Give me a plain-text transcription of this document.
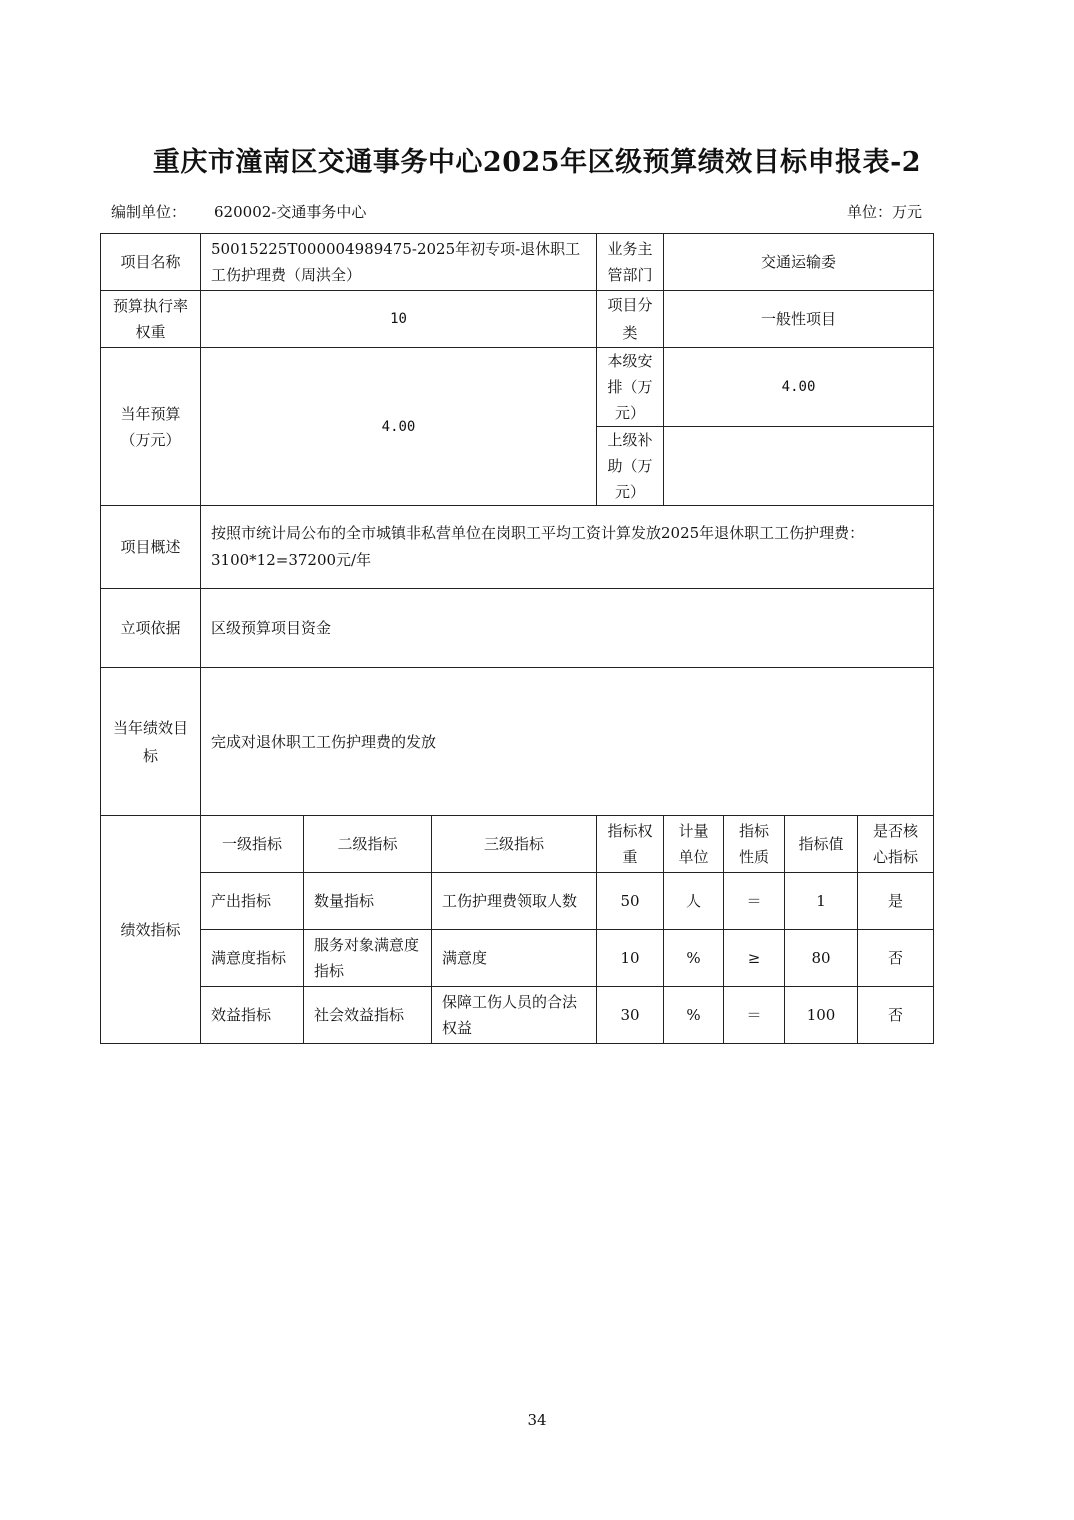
重庆市潼南区交通事务中心2025年区级预算绩效目标申报表-2
编制单位： 620002-交通事务中心	单位：万元
项目名称	50015225T000004989475-2025年初专项-退休职工工伤护理费（周洪全）			业务主管部门	交通运输委			
预算执行率权重	10			项目分类	一般性项目			
当年预算（万元）	4.00			本级安排（万元）	4.00			
				上级补助（万元）				
项目概述	按照市统计局公布的全市城镇非私营单位在岗职工平均工资计算发放2025年退休职工工伤护理费：3100*12=37200元/年							
立项依据	区级预算项目资金							
当年绩效目标	完成对退休职工工伤护理费的发放							
绩效指标	一级指标	二级指标	三级指标	指标权重	计量单位	指标性质	指标值	是否核心指标
	产出指标	数量指标	工伤护理费领取人数	50	人	＝	1	是
	满意度指标	服务对象满意度指标	满意度	10	%	≥	80	否
	效益指标	社会效益指标	保障工伤人员的合法权益	30	%	＝	100	否
34
